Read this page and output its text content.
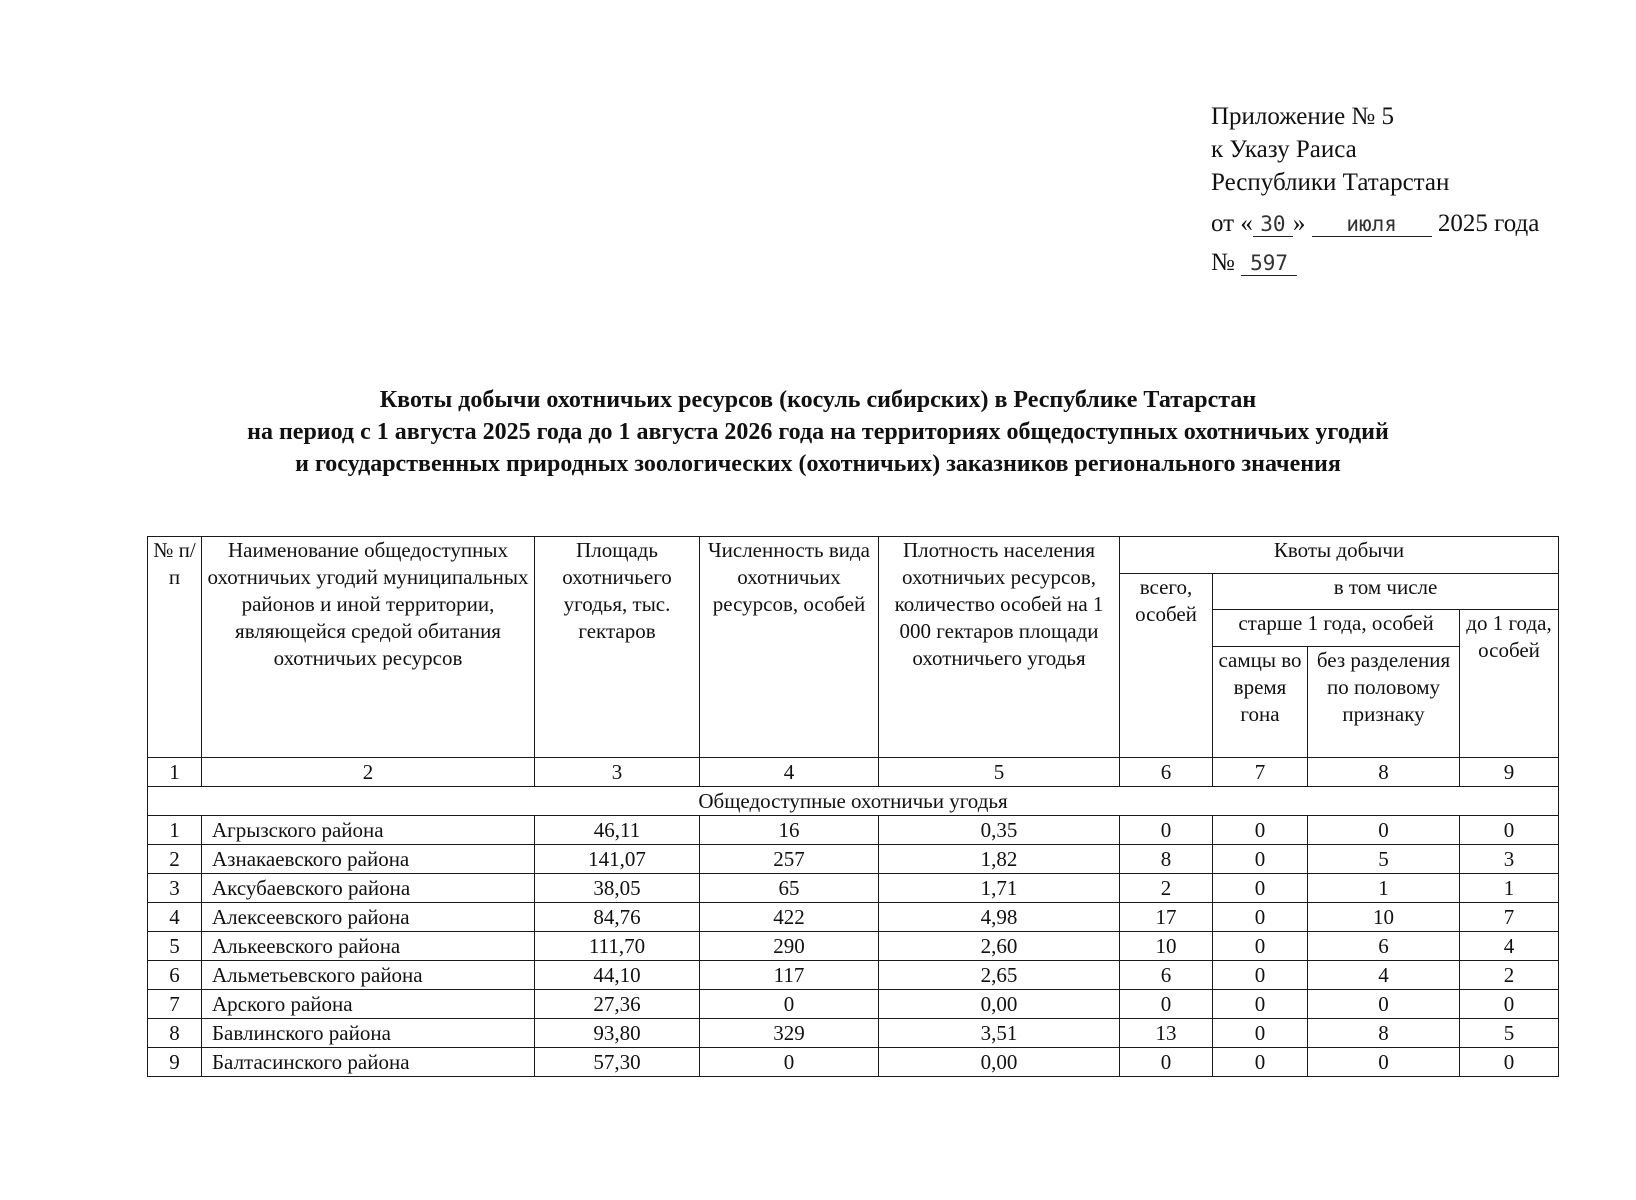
Приложение № 5
к Указу Раиса
Республики Татарстан
от « 30 » июля 2025 года
№ 597
Квоты добычи охотничьих ресурсов (косуль сибирских) в Республике Татарстан
на период с 1 августа 2025 года до 1 августа 2026 года на территориях общедоступных охотничьих угодий
и государственных природных зоологических (охотничьих) заказников регионального значения
№ п/п	Наименование общедоступных охотничьих угодий муниципальных районов и иной территории, являющейся средой обитания охотничьих ресурсов	Площадь охотничьего угодья, тыс. гектаров	Численность вида охотничьих ресурсов, особей	Плотность населения охотничьих ресурсов, количество особей на 1 000 гектаров площади охотничьего угодья	Квоты добычи			
					всего, особей	в том числе		
						старше 1 года, особей		до 1 года, особей
						самцы во время гона	без разделения по половому признаку	
1	2	3	4	5	6	7	8	9
Общедоступные охотничьи угодья								
1	Агрызского района	46,11	16	0,35	0	0	0	0
2	Азнакаевского района	141,07	257	1,82	8	0	5	3
3	Аксубаевского района	38,05	65	1,71	2	0	1	1
4	Алексеевского района	84,76	422	4,98	17	0	10	7
5	Алькеевского района	111,70	290	2,60	10	0	6	4
6	Альметьевского района	44,10	117	2,65	6	0	4	2
7	Арского района	27,36	0	0,00	0	0	0	0
8	Бавлинского района	93,80	329	3,51	13	0	8	5
9	Балтасинского района	57,30	0	0,00	0	0	0	0
